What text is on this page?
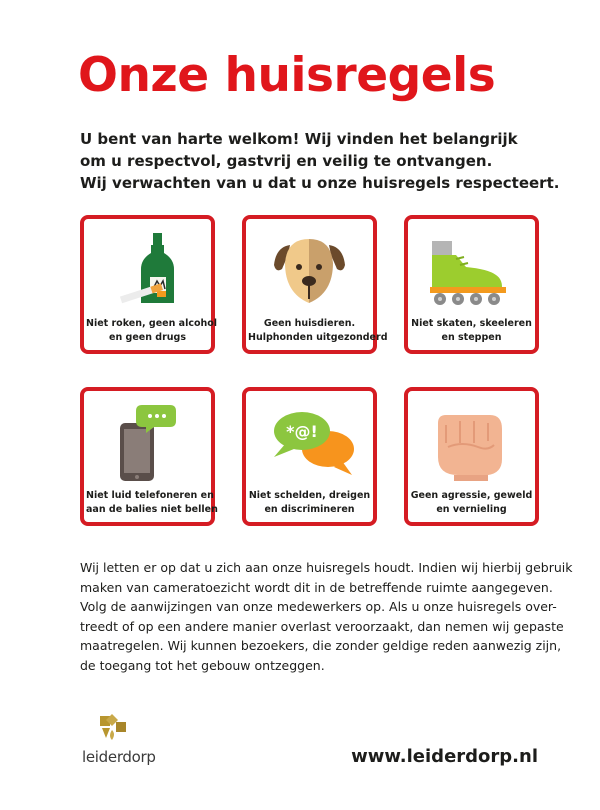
Onze huisregels
U bent van harte welkom! Wij vinden het belangrijk
om u respectvol, gastvrij en veilig te ontvangen.
Wij verwachten van u dat u onze huisregels respecteert.
Niet roken, geen alcohol
en geen drugs
Geen huisdieren.
Hulphonden uitgezonderd
Niet skaten, skeeleren
en steppen
Niet luid telefoneren en
aan de balies niet bellen
*@!
Niet schelden, dreigen
en discrimineren
Geen agressie, geweld
en vernieling
Wij letten er op dat u zich aan onze huisregels houdt. Indien wij hierbij gebruik
maken van cameratoezicht wordt dit in de betreffende ruimte aangegeven.
Volg de aanwijzingen van onze medewerkers op. Als u onze huisregels over-
treedt of op een andere manier overlast veroorzaakt, dan nemen wij gepaste
maatregelen. Wij kunnen bezoekers, die zonder geldige reden aanwezig zijn,
de toegang tot het gebouw ontzeggen.
leiderdorp	www.leiderdorp.nl
